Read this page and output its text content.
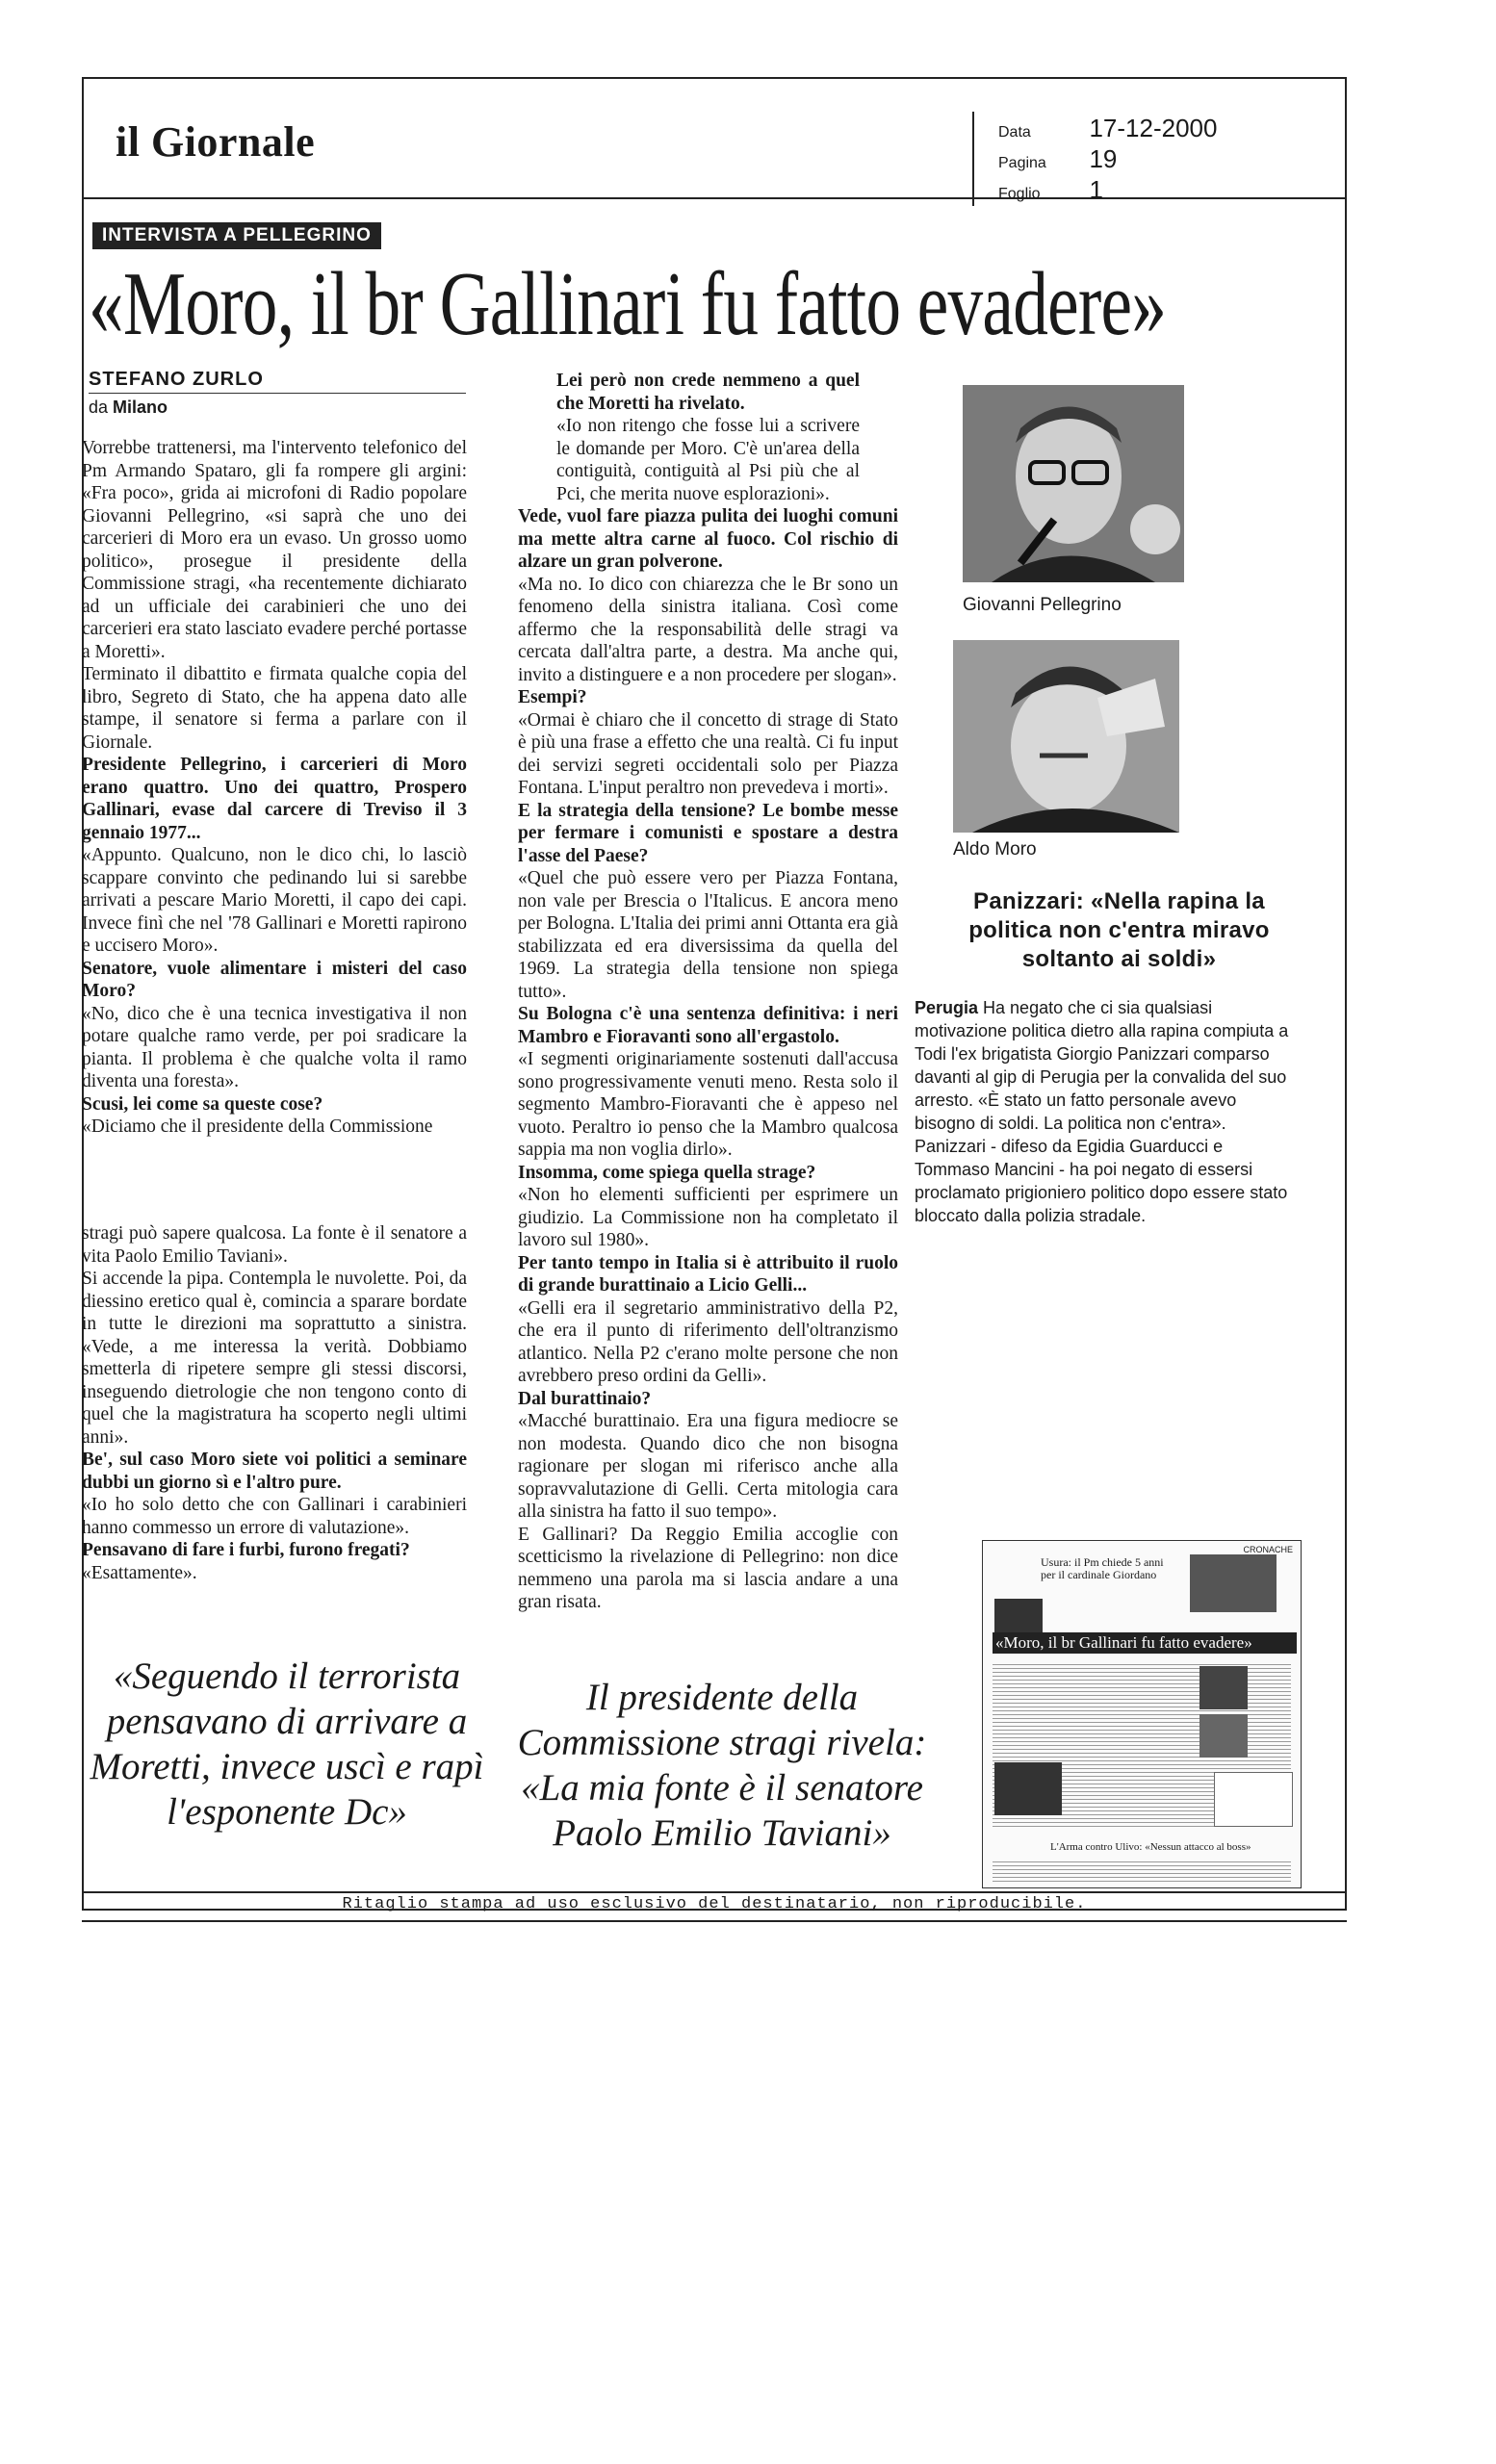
il Giornale	Data 17-12-2000
Pagina 19
Foglio 1
INTERVISTA A PELLEGRINO
«Moro, il br Gallinari fu fatto evadere»
STEFANO ZURLO
da Milano

Vorrebbe trattenersi, ma l'intervento telefonico del Pm Armando Spataro, gli fa rompere gli argini: «Fra poco», grida ai microfoni di Radio popolare Giovanni Pellegrino, «si saprà che uno dei carcerieri di Moro era un evaso. Un grosso uomo politico», prosegue il presidente della Commissione stragi, «ha recentemente dichiarato ad un ufficiale dei carabinieri che uno dei carcerieri era stato lasciato evadere perché portasse a Moretti».

Terminato il dibattito e firmata qualche copia del libro, Segreto di Stato, che ha appena dato alle stampe, il senatore si ferma a parlare con il Giornale.

Presidente Pellegrino, i carcerieri di Moro erano quattro. Uno dei quattro, Prospero Gallinari, evase dal carcere di Treviso il 3 gennaio 1977...

«Appunto. Qualcuno, non le dico chi, lo lasciò scappare convinto che pedinando lui si sarebbe arrivati a pescare Mario Moretti, il capo dei capi. Invece finì che nel '78 Gallinari e Moretti rapirono e uccisero Moro».

Senatore, vuole alimentare i misteri del caso Moro?

«No, dico che è una tecnica investigativa il non potare qualche ramo verde, per poi sradicare la pianta. Il problema è che qualche volta il ramo diventa una foresta».

Scusi, lei come sa queste cose?

«Diciamo che il presidente della Commissione

stragi può sapere qualcosa. La fonte è il senatore a vita Paolo Emilio Taviani».

Si accende la pipa. Contempla le nuvolette. Poi, da diessino eretico qual è, comincia a sparare bordate in tutte le direzioni ma soprattutto a sinistra. «Vede, a me interessa la verità. Dobbiamo smetterla di ripetere sempre gli stessi discorsi, inseguendo dietrologie che non tengono conto di quel che la magistratura ha scoperto negli ultimi anni».

Be', sul caso Moro siete voi politici a seminare dubbi un giorno sì e l'altro pure.

«Io ho solo detto che con Gallinari i carabinieri hanno commesso un errore di valutazione».

Pensavano di fare i furbi, furono fregati?

«Esattamente».

Lei però non crede nemmeno a quel che Moretti ha rivelato.

«Io non ritengo che fosse lui a scrivere le domande per Moro. C'è un'area della contiguità, contiguità al Psi più che al Pci, che merita nuove esplorazioni».

Vede, vuol fare piazza pulita dei luoghi comuni ma mette altra carne al fuoco. Col rischio di alzare un gran polverone.

«Ma no. Io dico con chiarezza che le Br sono un fenomeno della sinistra italiana. Così come affermo che la responsabilità delle stragi va cercata dall'altra parte, a destra. Ma anche qui, invito a distinguere e a non procedere per slogan».

Esempi?

«Ormai è chiaro che il concetto di strage di Stato è più una frase a effetto che una realtà. Ci fu input dei servizi segreti occidentali solo per Piazza Fontana. L'input peraltro non prevedeva i morti».

E la strategia della tensione? Le bombe messe per fermare i comunisti e spostare a destra l'asse del Paese?

«Quel che può essere vero per Piazza Fontana, non vale per Brescia o l'Italicus. E ancora meno per Bologna. L'Italia dei primi anni Ottanta era già stabilizzata ed era diversissima da quella del 1969. La strategia della tensione non spiega tutto».

Su Bologna c'è una sentenza definitiva: i neri Mambro e Fioravanti sono all'ergastolo.

«I segmenti originariamente sostenuti dall'accusa sono progressivamente venuti meno. Resta solo il segmento Mambro-Fioravanti che è appeso nel vuoto. Peraltro io penso che la Mambro qualcosa sappia ma non voglia dirlo».

Insomma, come spiega quella strage?

«Non ho elementi sufficienti per esprimere un giudizio. La Commissione non ha completato il lavoro sul 1980».

Per tanto tempo in Italia si è attribuito il ruolo di grande burattinaio a Licio Gelli...

«Gelli era il segretario amministrativo della P2, che era il punto di riferimento dell'oltranzismo atlantico. Nella P2 c'erano molte persone che non avrebbero preso ordini da Gelli».

Dal burattinaio?

«Macché burattinaio. Era una figura mediocre se non modesta. Quando dico che non bisogna ragionare per slogan mi riferisco anche alla sopravvalutazione di Gelli. Certa mitologia cara alla sinistra ha fatto il suo tempo».

E Gallinari? Da Reggio Emilia accoglie con scetticismo la rivelazione di Pellegrino: non dice nemmeno una parola ma si lascia andare a una gran risata.

Giovanni Pellegrino
Aldo Moro
Panizzari: «Nella rapina la politica non c'entra miravo soltanto ai soldi»
Perugia Ha negato che ci sia qualsiasi motivazione politica dietro alla rapina compiuta a Todi l'ex brigatista Giorgio Panizzari comparso davanti al gip di Perugia per la convalida del suo arresto. «È stato un fatto personale avevo bisogno di soldi. La politica non c'entra». Panizzari - difeso da Egidia Guarducci e Tommaso Mancini - ha poi negato di essersi proclamato prigioniero politico dopo essere stato bloccato dalla polizia stradale.
«Seguendo il terrorista pensavano di arrivare a Moretti, invece uscì e rapì l'esponente Dc»
Il presidente della Commissione stragi rivela: «La mia fonte è il senatore Paolo Emilio Taviani»
CRONACHE
Usura: il Pm chiede 5 anni per il cardinale Giordano
«Moro, il br Gallinari fu fatto evadere»
L'Arma contro Ulivo: «Nessun attacco al boss»
Ritaglio stampa ad uso esclusivo del destinatario, non riproducibile.
